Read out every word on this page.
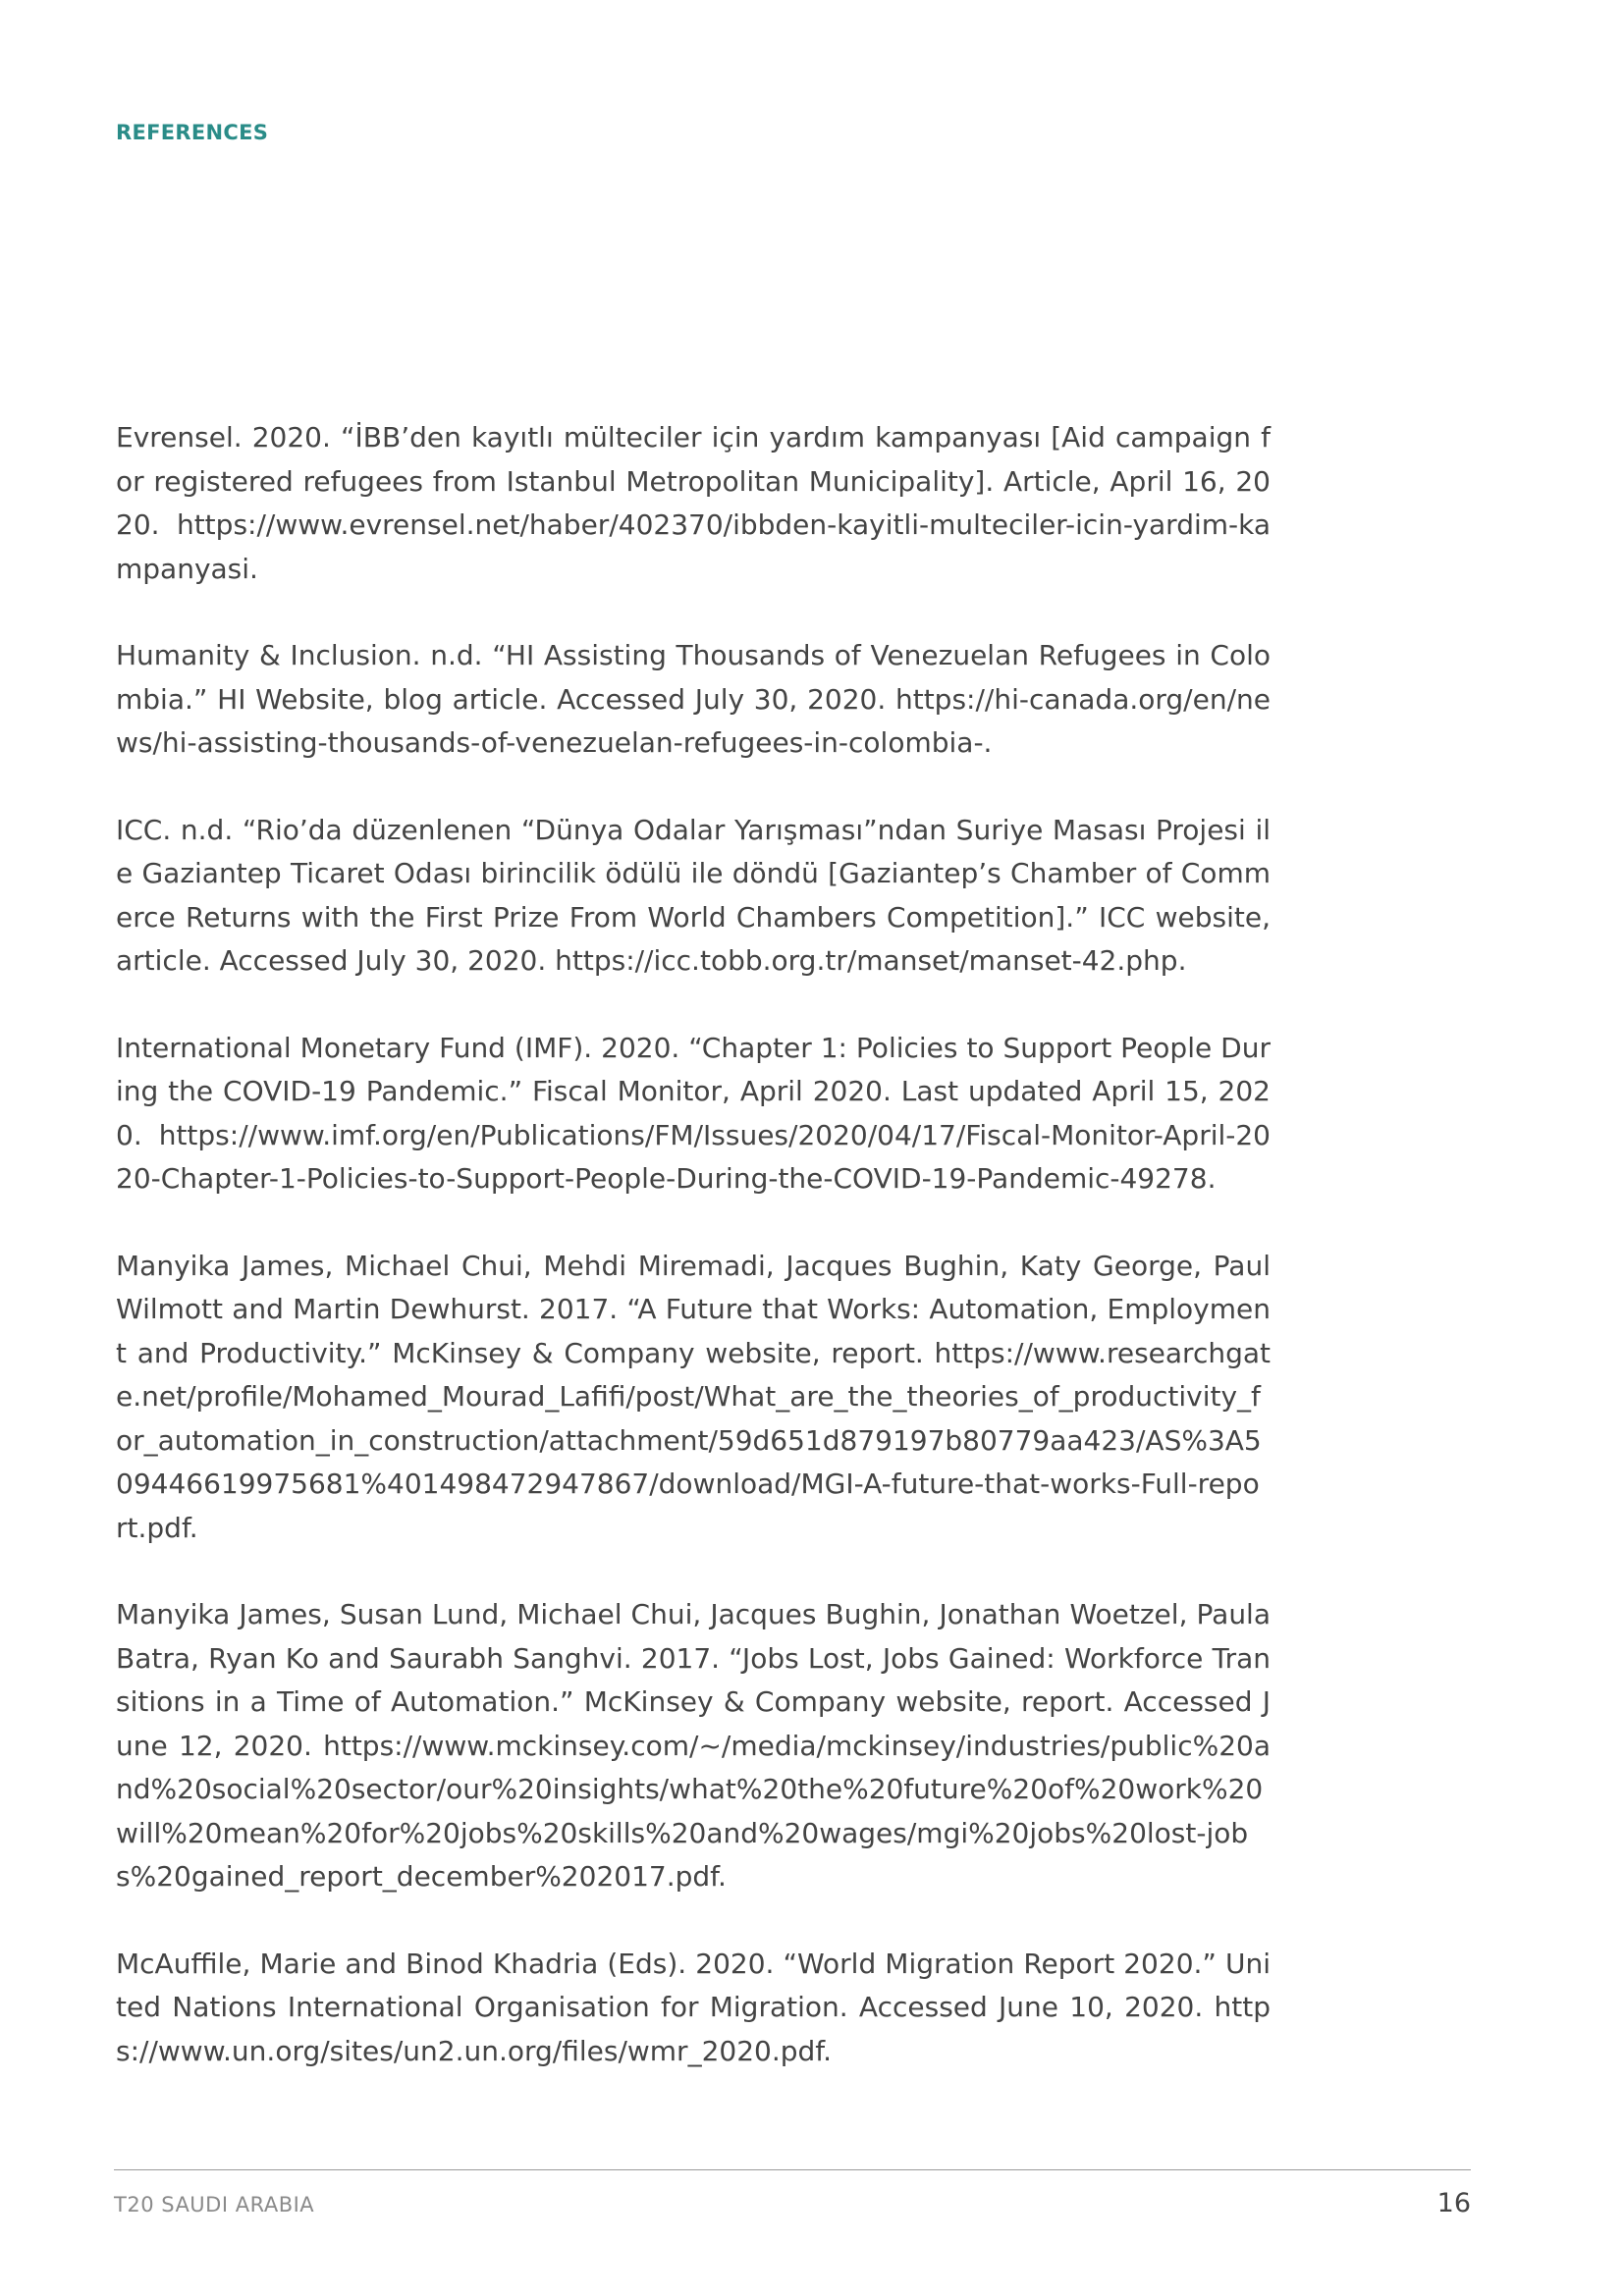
REFERENCES

Evrensel. 2020. “İBB’den kayıtlı mülteciler için yardım kampanyası [Aid campaign for registered refugees from Istanbul Metropolitan Municipality]. Article, April 16, 2020. https://www.evrensel.net/haber/402370/ibbden-kayitli-multeciler-icin-yardim-kampanyasi.

Humanity & Inclusion. n.d. “HI Assisting Thousands of Venezuelan Refugees in Colombia.” HI Website, blog article. Accessed July 30, 2020. https://hi-canada.org/en/news/hi-assisting-thousands-of-venezuelan-refugees-in-colombia-.

ICC. n.d. “Rio’da düzenlenen “Dünya Odalar Yarışması”ndan Suriye Masası Projesi ile Gaziantep Ticaret Odası birincilik ödülü ile döndü [Gaziantep’s Chamber of Commerce Returns with the First Prize From World Chambers Competition].” ICC website, article. Accessed July 30, 2020. https://icc.tobb.org.tr/manset/manset-42.php.

International Monetary Fund (IMF). 2020. “Chapter 1: Policies to Support People During the COVID-19 Pandemic.” Fiscal Monitor, April 2020. Last updated April 15, 2020. https://www.imf.org/en/Publications/FM/Issues/2020/04/17/Fiscal-Monitor-April-2020-Chapter-1-Policies-to-Support-People-During-the-COVID-19-Pandemic-49278.

Manyika James, Michael Chui, Mehdi Miremadi, Jacques Bughin, Katy George, Paul Wilmott and Martin Dewhurst. 2017. “A Future that Works: Automation, Employment and Productivity.” McKinsey & Company website, report. https://www.researchgate.net/profile/Mohamed_Mourad_Lafifi/post/What_are_the_theories_of_productivity_for_automation_in_construction/attachment/59d651d879197b80779aa423/AS%3A509446619975681%401498472947867/download/MGI-A-future-that-works-Full-report.pdf.

Manyika James, Susan Lund, Michael Chui, Jacques Bughin, Jonathan Woetzel, Paula Batra, Ryan Ko and Saurabh Sanghvi. 2017. “Jobs Lost, Jobs Gained: Workforce Transitions in a Time of Automation.” McKinsey & Company website, report. Accessed June 12, 2020. https://www.mckinsey.com/~/media/mckinsey/industries/public%20and%20social%20sector/our%20insights/what%20the%20future%20of%20work%20will%20mean%20for%20jobs%20skills%20and%20wages/mgi%20jobs%20lost-jobs%20gained_report_december%202017.pdf.

McAuffile, Marie and Binod Khadria (Eds). 2020. “World Migration Report 2020.” United Nations International Organisation for Migration. Accessed June 10, 2020. https://www.un.org/sites/un2.un.org/files/wmr_2020.pdf.

T20 SAUDI ARABIA	16
